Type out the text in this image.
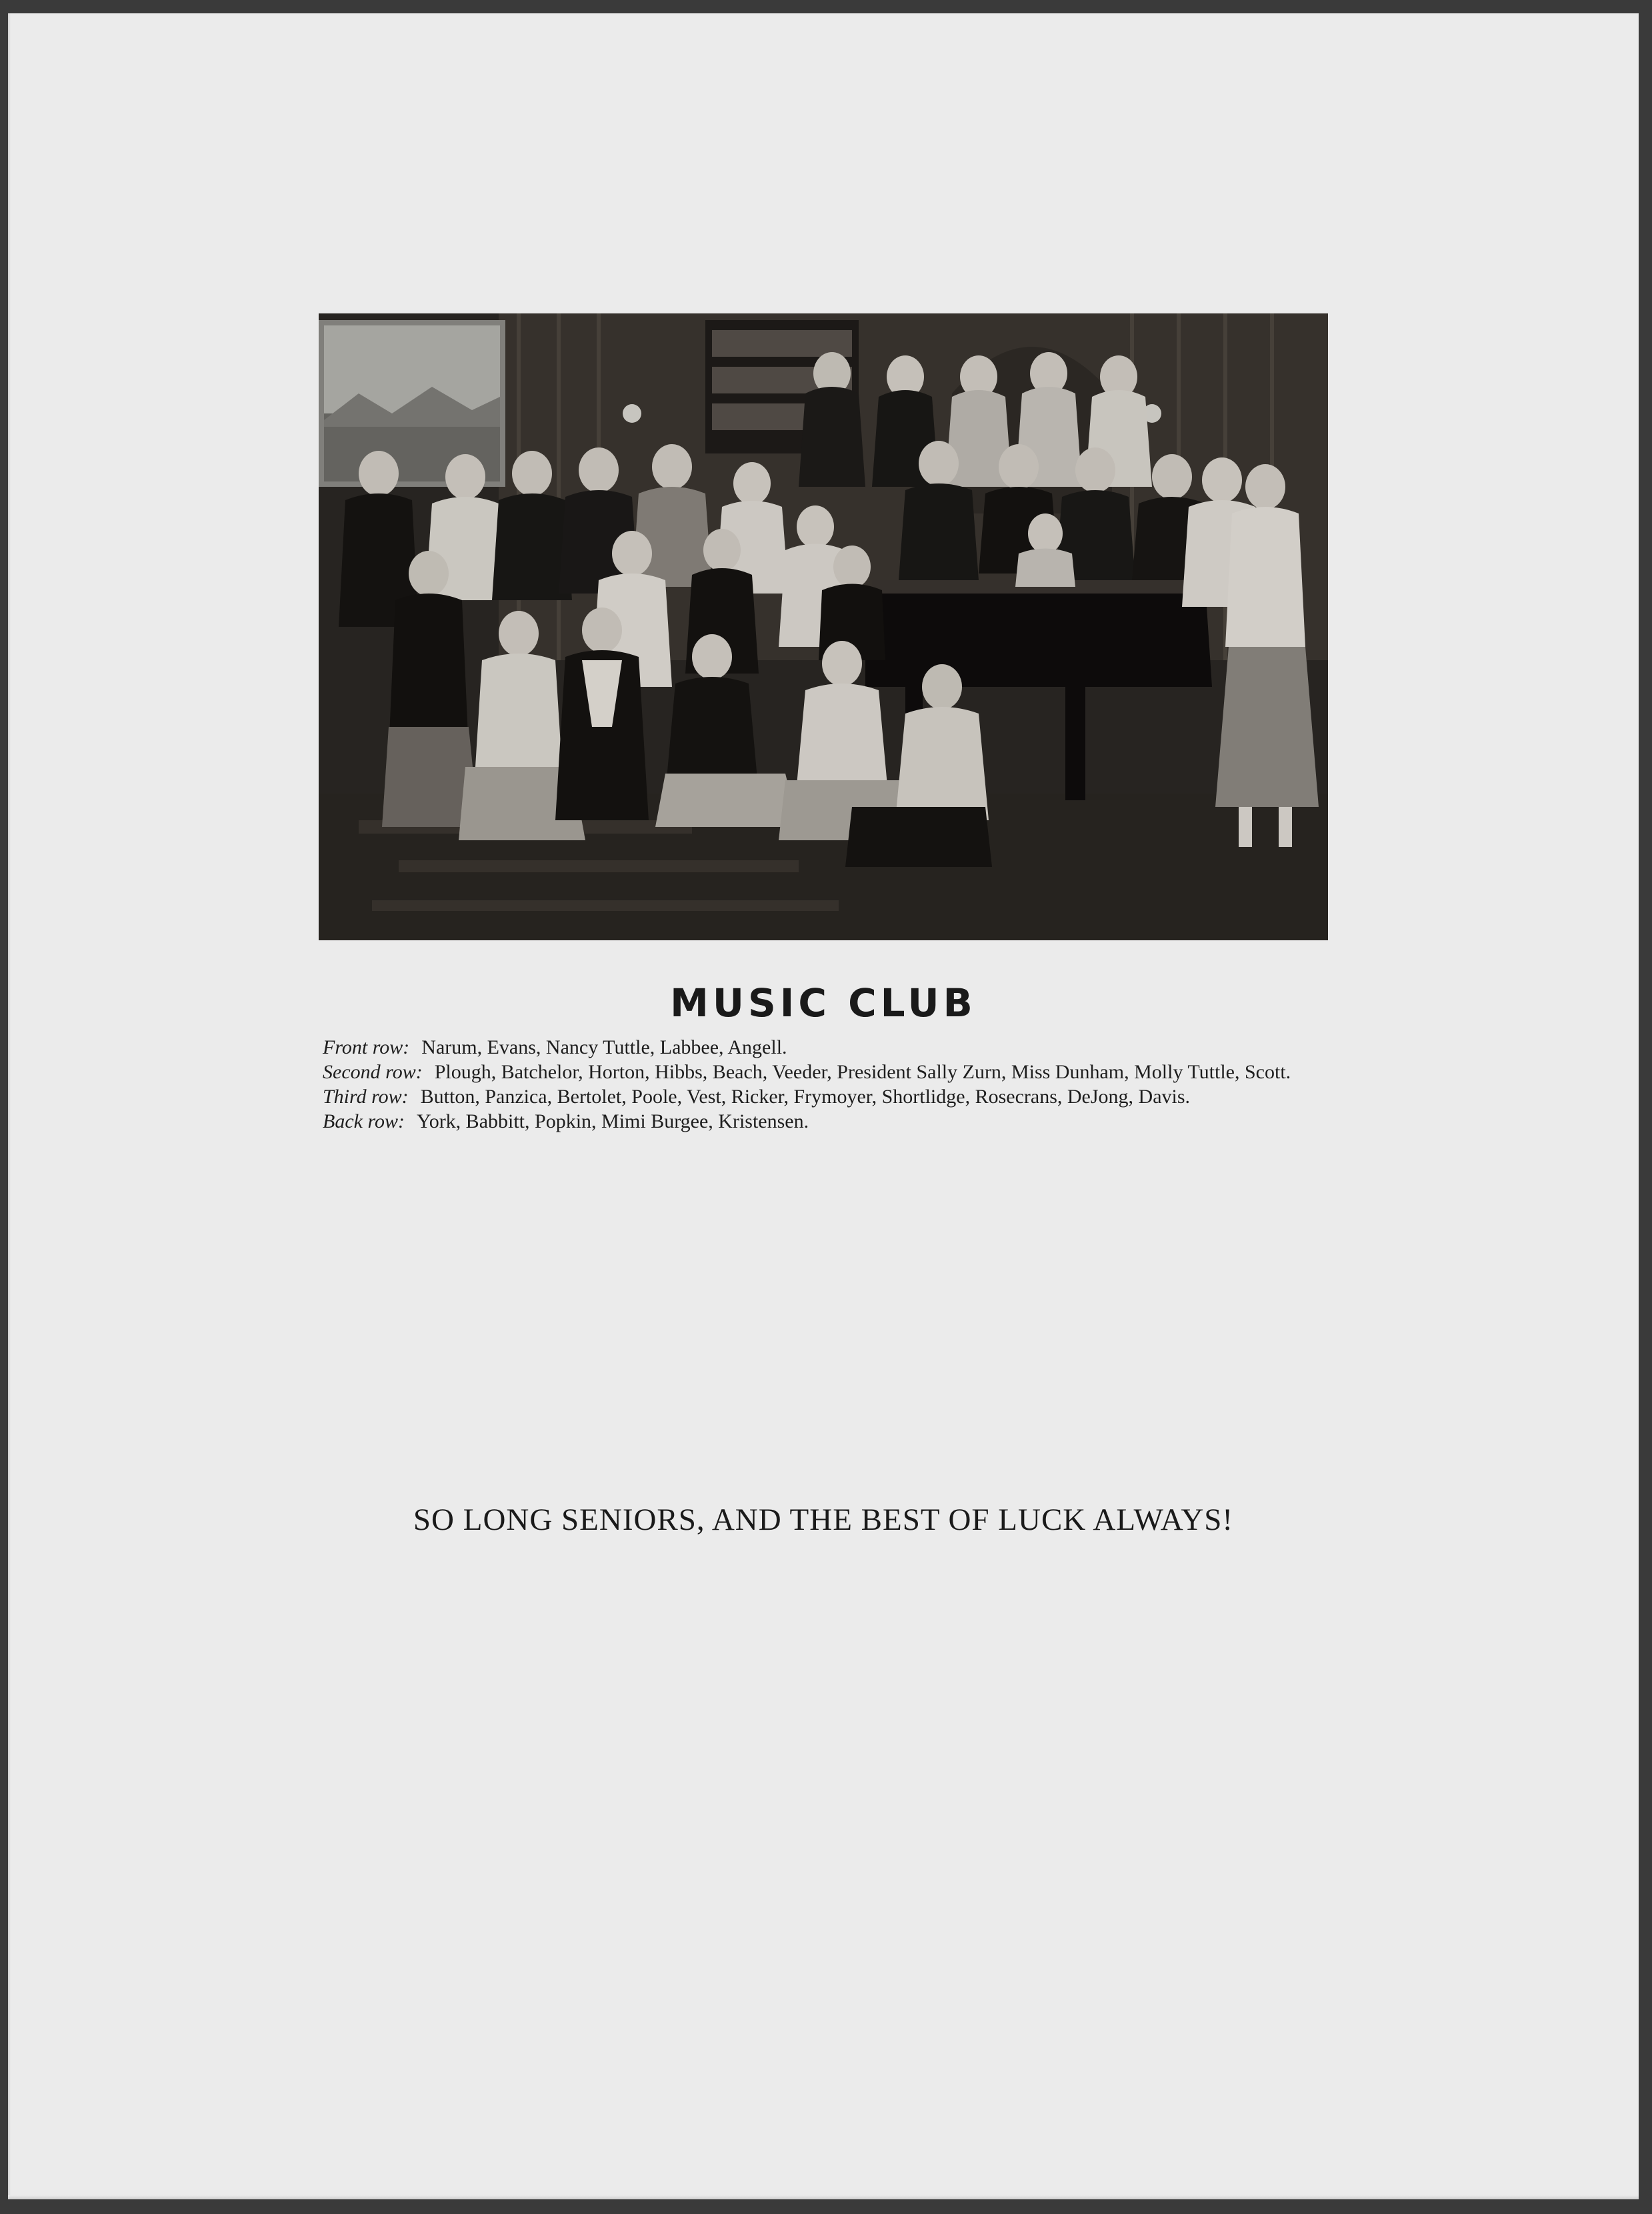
MUSIC CLUB

Front row: Narum, Evans, Nancy Tuttle, Labbee, Angell.

Second row: Plough, Batchelor, Horton, Hibbs, Beach, Veeder, President Sally Zurn, Miss Dunham, Molly Tuttle, Scott.

Third row: Button, Panzica, Bertolet, Poole, Vest, Ricker, Frymoyer, Shortlidge, Rosecrans, DeJong, Davis.

Back row: York, Babbitt, Popkin, Mimi Burgee, Kristensen.

SO LONG SENIORS, AND THE BEST OF LUCK ALWAYS!
